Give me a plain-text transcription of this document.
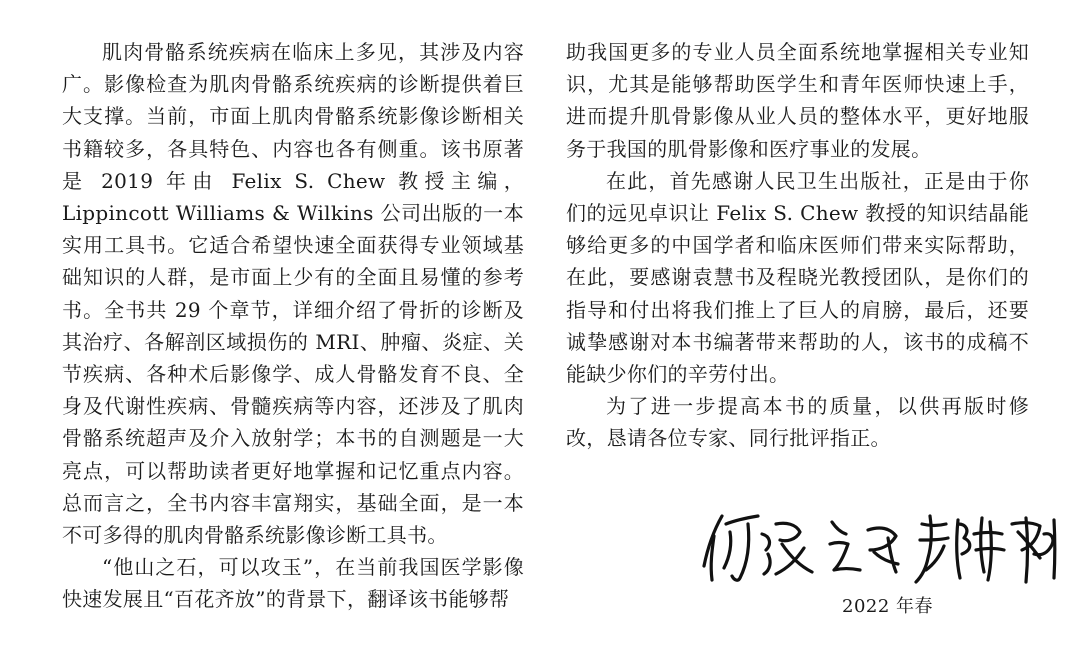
肌肉骨骼系统疾病在临床上多见，其涉及内容广。影像检查为肌肉骨骼系统疾病的诊断提供着巨大支撑。当前，市面上肌肉骨骼系统影像诊断相关书籍较多，各具特色、内容也各有侧重。该书原著是 2019 年由 Felix S. Chew 教授主编，Lippincott Williams & Wilkins 公司出版的一本实用工具书。它适合希望快速全面获得专业领域基础知识的人群，是市面上少有的全面且易懂的参考书。全书共 29 个章节，详细介绍了骨折的诊断及其治疗、各解剖区域损伤的 MRI、肿瘤、炎症、关节疾病、各种术后影像学、成人骨骼发育不良、全身及代谢性疾病、骨髓疾病等内容，还涉及了肌肉骨骼系统超声及介入放射学；本书的自测题是一大亮点，可以帮助读者更好地掌握和记忆重点内容。总而言之，全书内容丰富翔实，基础全面，是一本不可多得的肌肉骨骼系统影像诊断工具书。

“他山之石，可以攻玉”，在当前我国医学影像快速发展且“百花齐放”的背景下，翻译该书能够帮

助我国更多的专业人员全面系统地掌握相关专业知识，尤其是能够帮助医学生和青年医师快速上手，进而提升肌骨影像从业人员的整体水平，更好地服务于我国的肌骨影像和医疗事业的发展。

在此，首先感谢人民卫生出版社，正是由于你们的远见卓识让 Felix S. Chew 教授的知识结晶能够给更多的中国学者和临床医师们带来实际帮助，在此，要感谢袁慧书及程晓光教授团队，是你们的指导和付出将我们推上了巨人的肩膀，最后，还要诚挚感谢对本书编著带来帮助的人，该书的成稿不能缺少你们的辛劳付出。

为了进一步提高本书的质量，以供再版时修改，恳请各位专家、同行批评指正。

2022 年春
